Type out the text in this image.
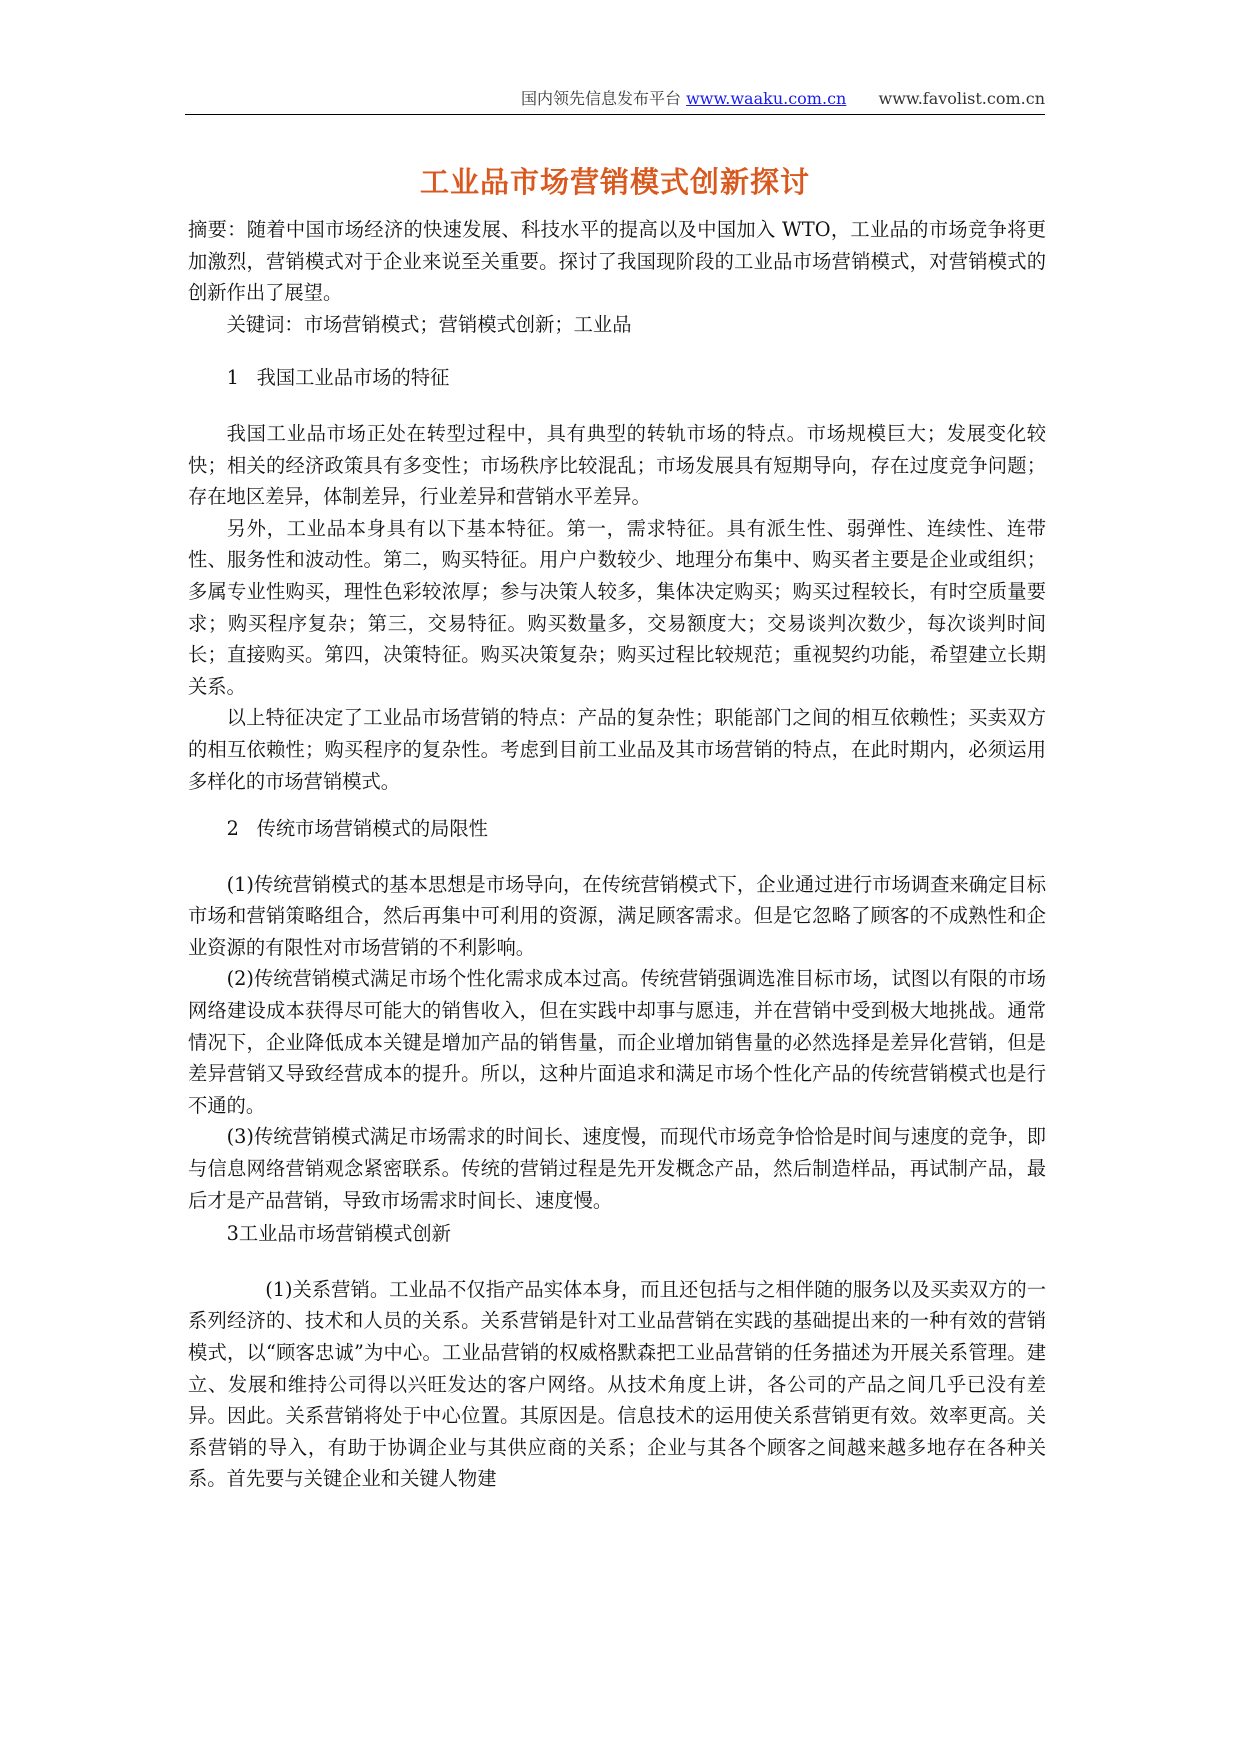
国内领先信息发布平台 www.waaku.com.cn www.favolist.com.cn
工业品市场营销模式创新探讨

摘要：随着中国市场经济的快速发展、科技水平的提高以及中国加入 WTO，工业品的市场竞争将更加激烈，营销模式对于企业来说至关重要。探讨了我国现阶段的工业品市场营销模式，对营销模式的创新作出了展望。

关键词：市场营销模式；营销模式创新；工业品

1 我国工业品市场的特征

我国工业品市场正处在转型过程中，具有典型的转轨市场的特点。市场规模巨大；发展变化较快；相关的经济政策具有多变性；市场秩序比较混乱；市场发展具有短期导向，存在过度竞争问题；存在地区差异，体制差异，行业差异和营销水平差异。

另外，工业品本身具有以下基本特征。第一，需求特征。具有派生性、弱弹性、连续性、连带性、服务性和波动性。第二，购买特征。用户户数较少、地理分布集中、购买者主要是企业或组织；多属专业性购买，理性色彩较浓厚；参与决策人较多，集体决定购买；购买过程较长，有时空质量要求；购买程序复杂；第三，交易特征。购买数量多，交易额度大；交易谈判次数少，每次谈判时间长；直接购买。第四，决策特征。购买决策复杂；购买过程比较规范；重视契约功能，希望建立长期关系。

以上特征决定了工业品市场营销的特点：产品的复杂性；职能部门之间的相互依赖性；买卖双方的相互依赖性；购买程序的复杂性。考虑到目前工业品及其市场营销的特点，在此时期内，必须运用多样化的市场营销模式。

2 传统市场营销模式的局限性

(1)传统营销模式的基本思想是市场导向，在传统营销模式下，企业通过进行市场调查来确定目标市场和营销策略组合，然后再集中可利用的资源，满足顾客需求。但是它忽略了顾客的不成熟性和企业资源的有限性对市场营销的不利影响。

(2)传统营销模式满足市场个性化需求成本过高。传统营销强调选准目标市场，试图以有限的市场网络建设成本获得尽可能大的销售收入，但在实践中却事与愿违，并在营销中受到极大地挑战。通常情况下，企业降低成本关键是增加产品的销售量，而企业增加销售量的必然选择是差异化营销，但是差异营销又导致经营成本的提升。所以，这种片面追求和满足市场个性化产品的传统营销模式也是行不通的。

(3)传统营销模式满足市场需求的时间长、速度慢，而现代市场竞争恰恰是时间与速度的竞争，即与信息网络营销观念紧密联系。传统的营销过程是先开发概念产品，然后制造样品，再试制产品，最后才是产品营销，导致市场需求时间长、速度慢。

3工业品市场营销模式创新

(1)关系营销。工业品不仅指产品实体本身，而且还包括与之相伴随的服务以及买卖双方的一系列经济的、技术和人员的关系。关系营销是针对工业品营销在实践的基础提出来的一种有效的营销模式，以“顾客忠诚”为中心。工业品营销的权威格默森把工业品营销的任务描述为开展关系管理。建立、发展和维持公司得以兴旺发达的客户网络。从技术角度上讲，各公司的产品之间几乎已没有差异。因此。关系营销将处于中心位置。其原因是。信息技术的运用使关系营销更有效。效率更高。关系营销的导入，有助于协调企业与其供应商的关系；企业与其各个顾客之间越来越多地存在各种关系。首先要与关键企业和关键人物建
